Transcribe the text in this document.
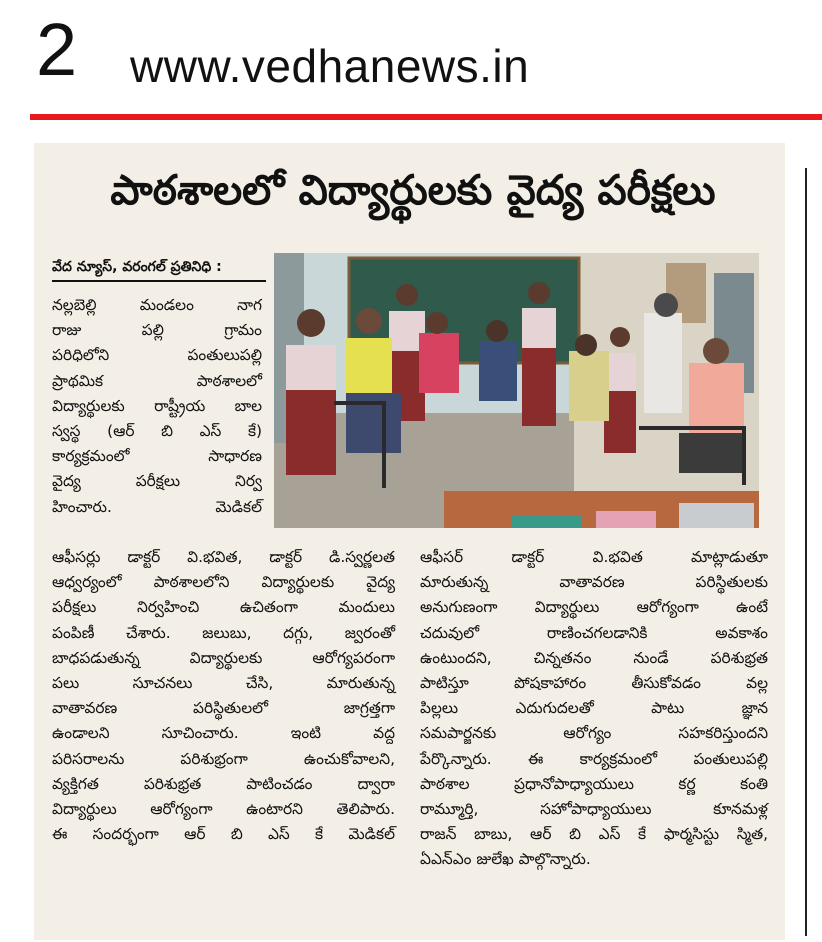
2 www.vedhanews.in
పాఠశాలలో విద్యార్థులకు వైద్య పరీక్షలు
వేద న్యూస్, వరంగల్ ప్రతినిధి :
నల్లబెల్లి మండలం నాగ
రాజు పల్లి గ్రామం
పరిధిలోని పంతులుపల్లి
ప్రాథమిక పాఠశాలలో
విద్యార్థులకు రాష్ట్రీయ బాల
స్వస్థ (ఆర్ బి ఎస్ కే)
కార్యక్రమంలో సాధారణ
వైద్య పరీక్షలు నిర్వ
హించారు. మెడికల్
ఆఫీసర్లు డాక్టర్ వి.భవిత, డాక్టర్ డి.స్వర్ణలత
ఆధ్వర్యంలో పాఠశాలలోని విద్యార్థులకు వైద్య
పరీక్షలు నిర్వహించి ఉచితంగా మందులు
పంపిణీ చేశారు. జలుబు, దగ్గు, జ్వరంతో
బాధపడుతున్న విద్యార్థులకు ఆరోగ్యపరంగా
పలు సూచనలు చేసి, మారుతున్న
వాతావరణ పరిస్థితులలో జాగ్రత్తగా
ఉండాలని సూచించారు. ఇంటి వద్ద
పరిసరాలను పరిశుభ్రంగా ఉంచుకోవాలని,
వ్యక్తిగత పరిశుభ్రత పాటించడం ద్వారా
విద్యార్థులు ఆరోగ్యంగా ఉంటారని తెలిపారు.
ఈ సందర్భంగా ఆర్ బి ఎస్ కే మెడికల్
ఆఫీసర్ డాక్టర్ వి.భవిత మాట్లాడుతూ
మారుతున్న వాతావరణ పరిస్థితులకు
అనుగుణంగా విద్యార్థులు ఆరోగ్యంగా ఉంటే
చదువులో రాణించగలడానికి అవకాశం
ఉంటుందని, చిన్నతనం నుండే పరిశుభ్రత
పాటిస్తూ పోషకాహారం తీసుకోవడం వల్ల
పిల్లలు ఎదుగుదలతో పాటు జ్ఞాన
సమపార్జనకు ఆరోగ్యం సహకరిస్తుందని
పేర్కొన్నారు. ఈ కార్యక్రమంలో పంతులుపల్లి
పాఠశాల ప్రధానోపాధ్యాయులు కర్ణ కంతి
రామ్మూర్తి, సహోపాధ్యాయులు కూనమళ్ల
రాజన్ బాబు, ఆర్ బి ఎస్ కే ఫార్మసిస్టు స్మిత,
ఏఎన్ఎం జులేఖ పాల్గొన్నారు.
